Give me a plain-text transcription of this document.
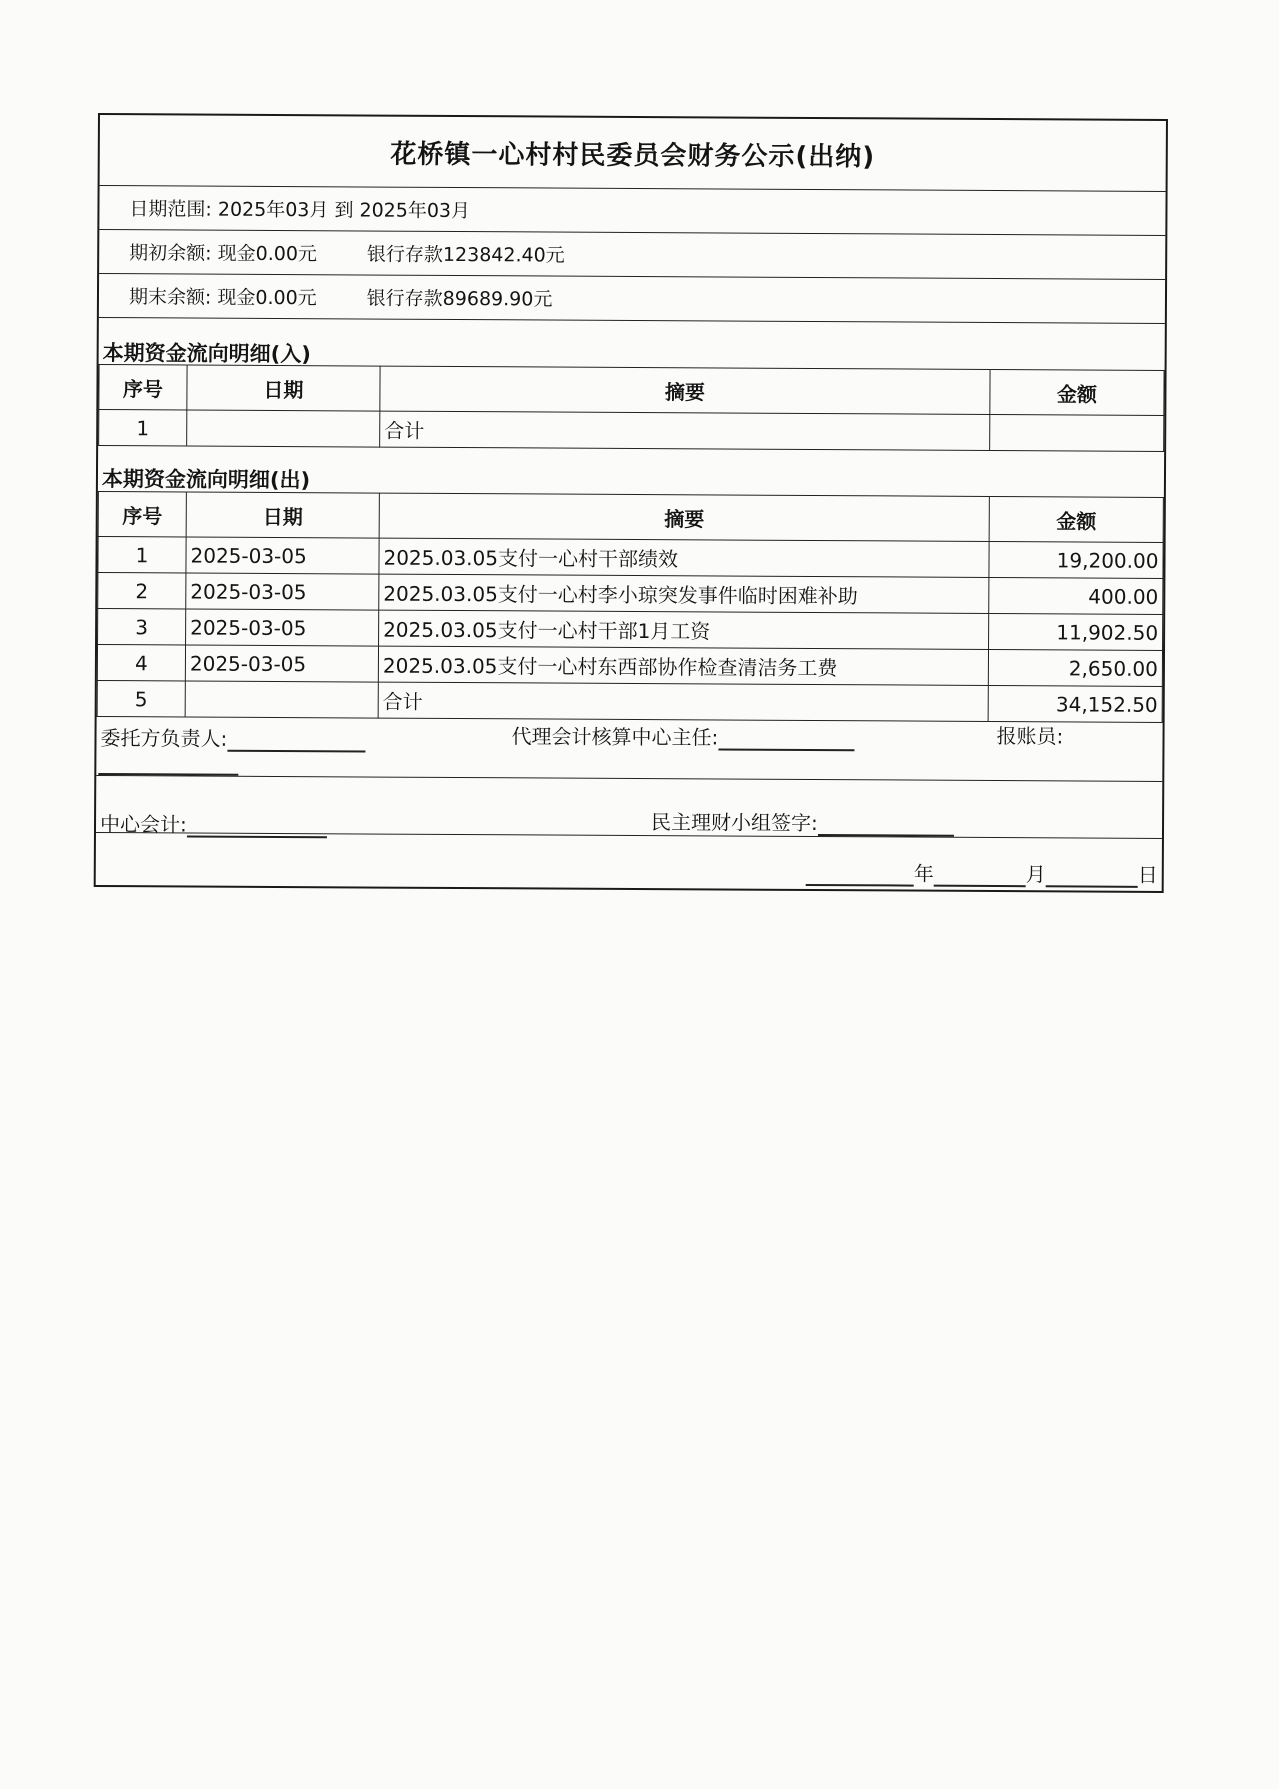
花桥镇一心村村民委员会财务公示(出纳)
日期范围: 2025年03月 到 2025年03月
期初余额: 现金0.00元	银行存款123842.40元
期末余额: 现金0.00元	银行存款89689.90元
本期资金流向明细(入)
序号	日期	摘要	金额
1		合计	
本期资金流向明细(出)
序号	日期	摘要	金额
1	2025-03-05	2025.03.05支付一心村干部绩效	19,200.00
2	2025-03-05	2025.03.05支付一心村李小琼突发事件临时困难补助	400.00
3	2025-03-05	2025.03.05支付一心村干部1月工资	11,902.50
4	2025-03-05	2025.03.05支付一心村东西部协作检查清洁务工费	2,650.00
5		合计	34,152.50
委托方负责人:	代理会计核算中心主任:	报账员:
中心会计:	民主理财小组签字:
年	月	日
